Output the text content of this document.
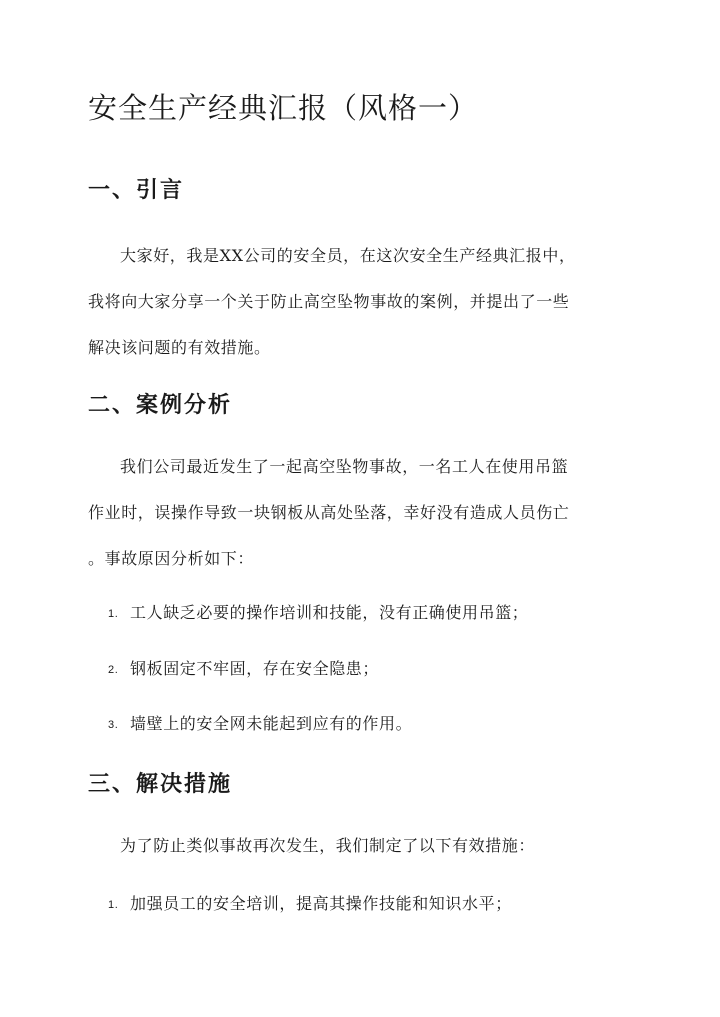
安全生产经典汇报（风格一）
一、引言

大家好，我是XX公司的安全员，在这次安全生产经典汇报中，
我将向大家分享一个关于防止高空坠物事故的案例，并提出了一些
解决该问题的有效措施。

二、案例分析

我们公司最近发生了一起高空坠物事故，一名工人在使用吊篮
作业时，误操作导致一块钢板从高处坠落，幸好没有造成人员伤亡
。事故原因分析如下：

1. 工人缺乏必要的操作培训和技能，没有正确使用吊篮；
2. 钢板固定不牢固，存在安全隐患；
3. 墙壁上的安全网未能起到应有的作用。
三、解决措施

为了防止类似事故再次发生，我们制定了以下有效措施：

1. 加强员工的安全培训，提高其操作技能和知识水平；
